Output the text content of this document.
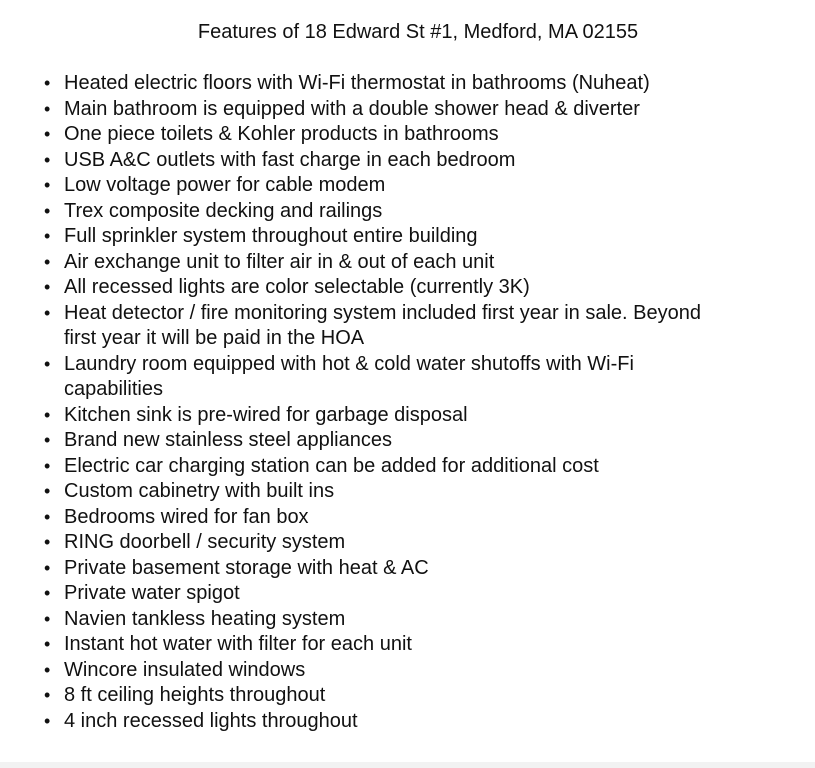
Features of 18 Edward St #1, Medford, MA 02155
• Heated electric floors with Wi-Fi thermostat in bathrooms (Nuheat)
• Main bathroom is equipped with a double shower head & diverter
• One piece toilets & Kohler products in bathrooms
• USB A&C outlets with fast charge in each bedroom
• Low voltage power for cable modem
• Trex composite decking and railings
• Full sprinkler system throughout entire building
• Air exchange unit to filter air in & out of each unit
• All recessed lights are color selectable (currently 3K)
• Heat detector / fire monitoring system included first year in sale. Beyond
first year it will be paid in the HOA
• Laundry room equipped with hot & cold water shutoffs with Wi-Fi
capabilities
• Kitchen sink is pre-wired for garbage disposal
• Brand new stainless steel appliances
• Electric car charging station can be added for additional cost
• Custom cabinetry with built ins
• Bedrooms wired for fan box
• RING doorbell / security system
• Private basement storage with heat & AC
• Private water spigot
• Navien tankless heating system
• Instant hot water with filter for each unit
• Wincore insulated windows
• 8 ft ceiling heights throughout
• 4 inch recessed lights throughout
